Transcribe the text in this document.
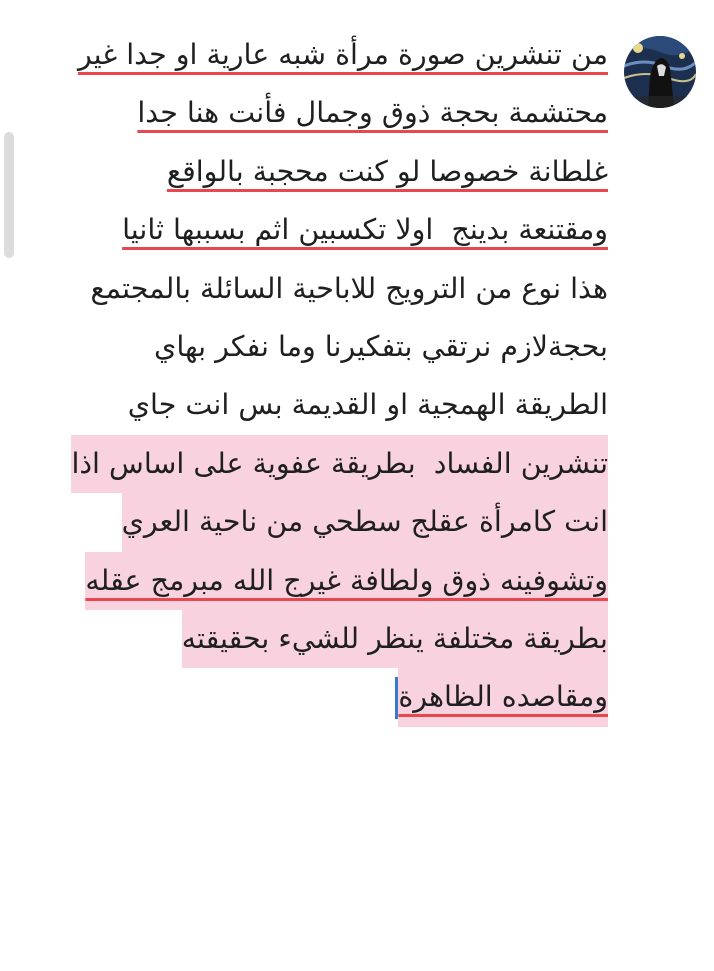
من تنشرين صورة مرأة شبه عارية او جدا غير
محتشمة بحجة ذوق وجمال فأنت هنا جدا
غلطانة خصوصا لو كنت محجبة بالواقع
ومقتنعة بدينج  اولا تكسبين اثم بسببها ثانيا
هذا نوع من الترويج للاباحية السائلة بالمجتمع
بحجةلازم نرتقي بتفكيرنا وما نفكر بهاي
الطريقة الهمجية او القديمة بس انت جاي
تنشرين الفساد  بطريقة عفوية على اساس اذا
انت كامرأة عقلج سطحي من ناحية العري
وتشوفينه ذوق ولطافة غيرج الله مبرمج عقله
بطريقة مختلفة ينظر للشيء بحقيقته
ومقاصده الظاهرة
